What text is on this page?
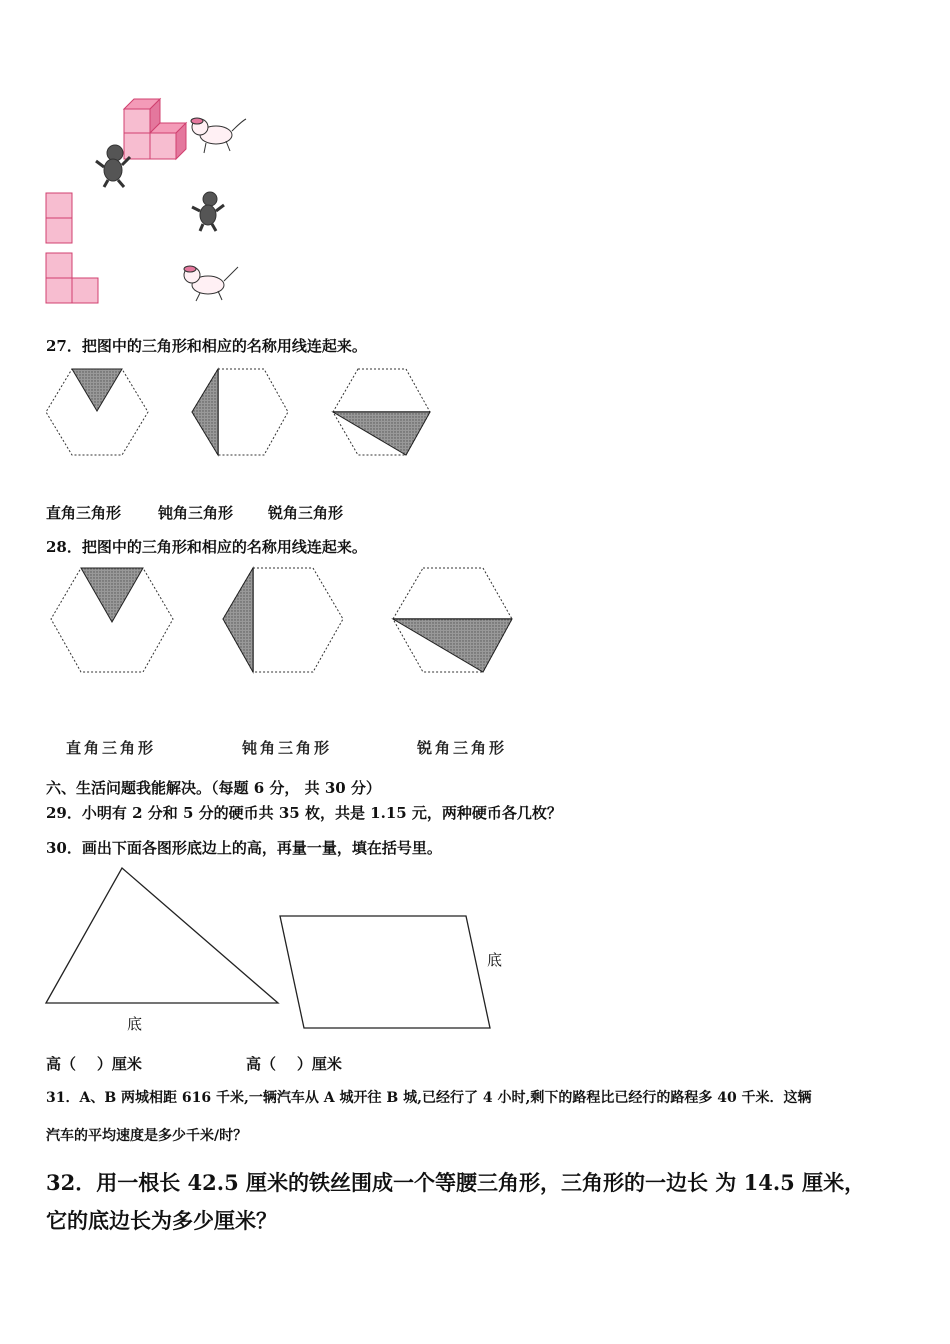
27．把图中的三角形和相应的名称用线连起来。
直角三角形 钝角三角形 锐角三角形
28．把图中的三角形和相应的名称用线连起来。
直角三角形	钝角三角形	锐角三角形
六、生活问题我能解决。（每题 6 分， 共 30 分）
29．小明有 2 分和 5 分的硬币共 35 枚，共是 1.15 元，两种硬币各几枚？
30．画出下面各图形底边上的高，再量一量，填在括号里。
底
底
高（    ）厘米	高（    ）厘米
31．A、B 两城相距 616 千米,一辆汽车从 A 城开往 B 城,已经行了 4 小时,剩下的路程比已经行的路程多 40 千米．这辆
汽车的平均速度是多少千米/时？
32．用一根长 42.5 厘米的铁丝围成一个等腰三角形，三角形的一边长 为 14.5 厘米，
它的底边长为多少厘米？
